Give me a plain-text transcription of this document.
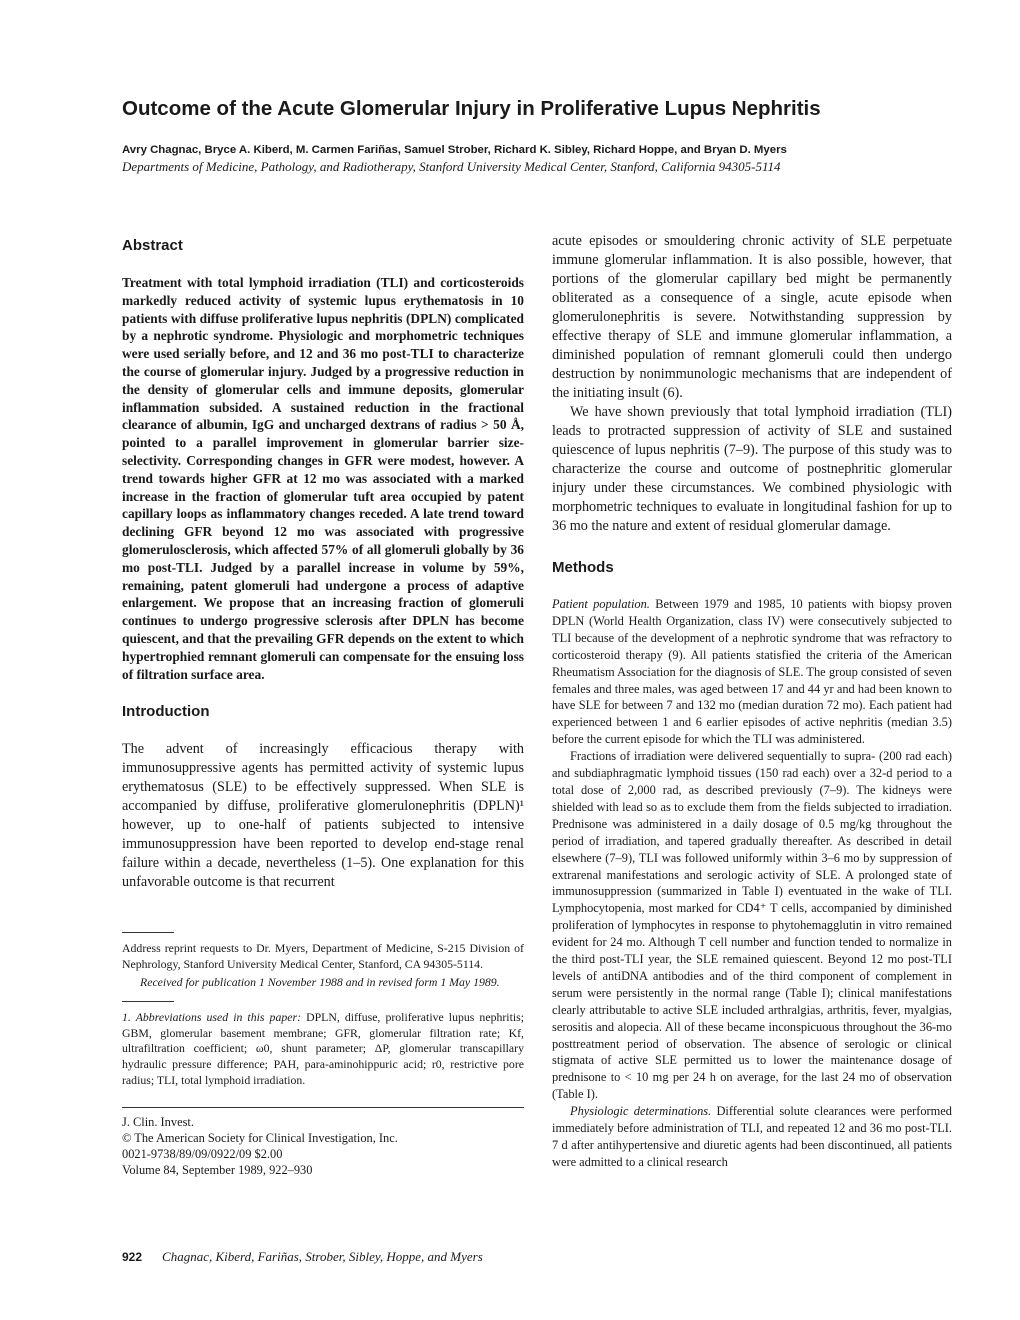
Outcome of the Acute Glomerular Injury in Proliferative Lupus Nephritis
Avry Chagnac, Bryce A. Kiberd, M. Carmen Fariñas, Samuel Strober, Richard K. Sibley, Richard Hoppe, and Bryan D. Myers
Departments of Medicine, Pathology, and Radiotherapy, Stanford University Medical Center, Stanford, California 94305-5114
Abstract

Treatment with total lymphoid irradiation (TLI) and corticosteroids markedly reduced activity of systemic lupus erythematosis in 10 patients with diffuse proliferative lupus nephritis (DPLN) complicated by a nephrotic syndrome. Physiologic and morphometric techniques were used serially before, and 12 and 36 mo post-TLI to characterize the course of glomerular injury. Judged by a progressive reduction in the density of glomerular cells and immune deposits, glomerular inflammation subsided. A sustained reduction in the fractional clearance of albumin, IgG and uncharged dextrans of radius > 50 Å, pointed to a parallel improvement in glomerular barrier size-selectivity. Corresponding changes in GFR were modest, however. A trend towards higher GFR at 12 mo was associated with a marked increase in the fraction of glomerular tuft area occupied by patent capillary loops as inflammatory changes receded. A late trend toward declining GFR beyond 12 mo was associated with progressive glomerulosclerosis, which affected 57% of all glomeruli globally by 36 mo post-TLI. Judged by a parallel increase in volume by 59%, remaining, patent glomeruli had undergone a process of adaptive enlargement. We propose that an increasing fraction of glomeruli continues to undergo progressive sclerosis after DPLN has become quiescent, and that the prevailing GFR depends on the extent to which hypertrophied remnant glomeruli can compensate for the ensuing loss of filtration surface area.

Introduction

The advent of increasingly efficacious therapy with immunosuppressive agents has permitted activity of systemic lupus erythematosus (SLE) to be effectively suppressed. When SLE is accompanied by diffuse, proliferative glomerulonephritis (DPLN)¹ however, up to one-half of patients subjected to intensive immunosuppression have been reported to develop end-stage renal failure within a decade, nevertheless (1–5). One explanation for this unfavorable outcome is that recurrent

Address reprint requests to Dr. Myers, Department of Medicine, S-215 Division of Nephrology, Stanford University Medical Center, Stanford, CA 94305-5114.

Received for publication 1 November 1988 and in revised form 1 May 1989.

1. Abbreviations used in this paper: DPLN, diffuse, proliferative lupus nephritis; GBM, glomerular basement membrane; GFR, glomerular filtration rate; Kf, ultrafiltration coefficient; ω0, shunt parameter; ΔP, glomerular transcapillary hydraulic pressure difference; PAH, para-aminohippuric acid; r0, restrictive pore radius; TLI, total lymphoid irradiation.

J. Clin. Invest.

© The American Society for Clinical Investigation, Inc.

0021-9738/89/09/0922/09 $2.00

Volume 84, September 1989, 922–930

acute episodes or smouldering chronic activity of SLE perpetuate immune glomerular inflammation. It is also possible, however, that portions of the glomerular capillary bed might be permanently obliterated as a consequence of a single, acute episode when glomerulonephritis is severe. Notwithstanding suppression by effective therapy of SLE and immune glomerular inflammation, a diminished population of remnant glomeruli could then undergo destruction by nonimmunologic mechanisms that are independent of the initiating insult (6).

We have shown previously that total lymphoid irradiation (TLI) leads to protracted suppression of activity of SLE and sustained quiescence of lupus nephritis (7–9). The purpose of this study was to characterize the course and outcome of postnephritic glomerular injury under these circumstances. We combined physiologic with morphometric techniques to evaluate in longitudinal fashion for up to 36 mo the nature and extent of residual glomerular damage.

Methods

Patient population. Between 1979 and 1985, 10 patients with biopsy proven DPLN (World Health Organization, class IV) were consecutively subjected to TLI because of the development of a nephrotic syndrome that was refractory to corticosteroid therapy (9). All patients statisfied the criteria of the American Rheumatism Association for the diagnosis of SLE. The group consisted of seven females and three males, was aged between 17 and 44 yr and had been known to have SLE for between 7 and 132 mo (median duration 72 mo). Each patient had experienced between 1 and 6 earlier episodes of active nephritis (median 3.5) before the current episode for which the TLI was administered.

Fractions of irradiation were delivered sequentially to supra- (200 rad each) and subdiaphragmatic lymphoid tissues (150 rad each) over a 32-d period to a total dose of 2,000 rad, as described previously (7–9). The kidneys were shielded with lead so as to exclude them from the fields subjected to irradiation. Prednisone was administered in a daily dosage of 0.5 mg/kg throughout the period of irradiation, and tapered gradually thereafter. As described in detail elsewhere (7–9), TLI was followed uniformly within 3–6 mo by suppression of extrarenal manifestations and serologic activity of SLE. A prolonged state of immunosuppression (summarized in Table I) eventuated in the wake of TLI. Lymphocytopenia, most marked for CD4⁺ T cells, accompanied by diminished proliferation of lymphocytes in response to phytohemagglutin in vitro remained evident for 24 mo. Although T cell number and function tended to normalize in the third post-TLI year, the SLE remained quiescent. Beyond 12 mo post-TLI levels of antiDNA antibodies and of the third component of complement in serum were persistently in the normal range (Table I); clinical manifestations clearly attributable to active SLE included arthralgias, arthritis, fever, myalgias, serositis and alopecia. All of these became inconspicuous throughout the 36-mo posttreatment period of observation. The absence of serologic or clinical stigmata of active SLE permitted us to lower the maintenance dosage of prednisone to < 10 mg per 24 h on average, for the last 24 mo of observation (Table I).

Physiologic determinations. Differential solute clearances were performed immediately before administration of TLI, and repeated 12 and 36 mo post-TLI. 7 d after antihypertensive and diuretic agents had been discontinued, all patients were admitted to a clinical research

922 Chagnac, Kiberd, Fariñas, Strober, Sibley, Hoppe, and Myers
